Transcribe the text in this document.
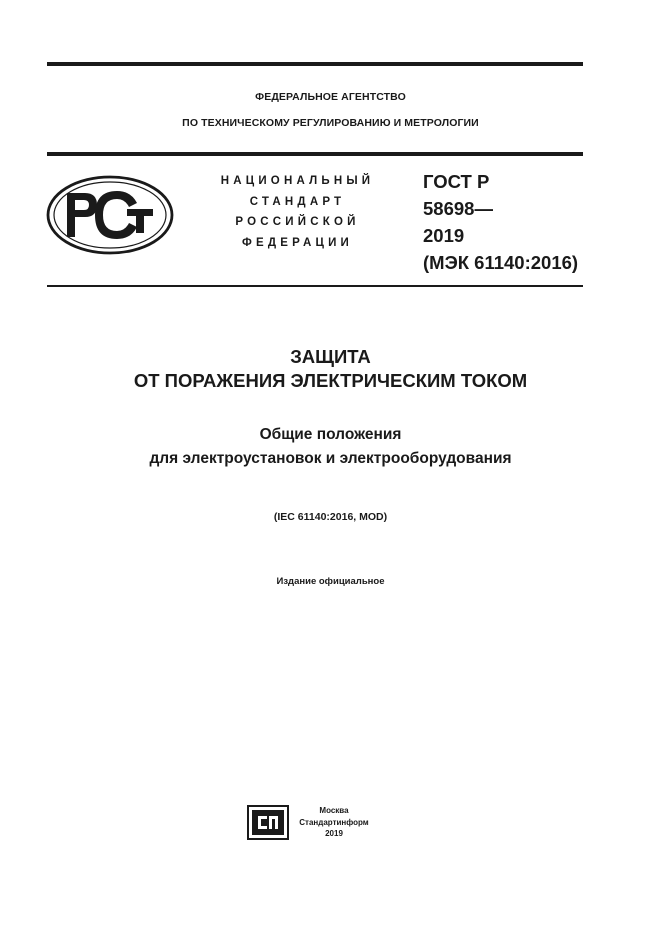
ФЕДЕРАЛЬНОЕ АГЕНТСТВО
ПО ТЕХНИЧЕСКОМУ РЕГУЛИРОВАНИЮ И МЕТРОЛОГИИ
НАЦИОНАЛЬНЫЙ
СТАНДАРТ
РОССИЙСКОЙ
ФЕДЕРАЦИИ
ГОСТ Р
58698—
2019
(МЭК 61140:2016)
ЗАЩИТА
ОТ ПОРАЖЕНИЯ ЭЛЕКТРИЧЕСКИМ ТОКОМ
Общие положения
для электроустановок и электрооборудования
(IEC 61140:2016, MOD)
Издание официальное
Москва
Стандартинформ
2019
